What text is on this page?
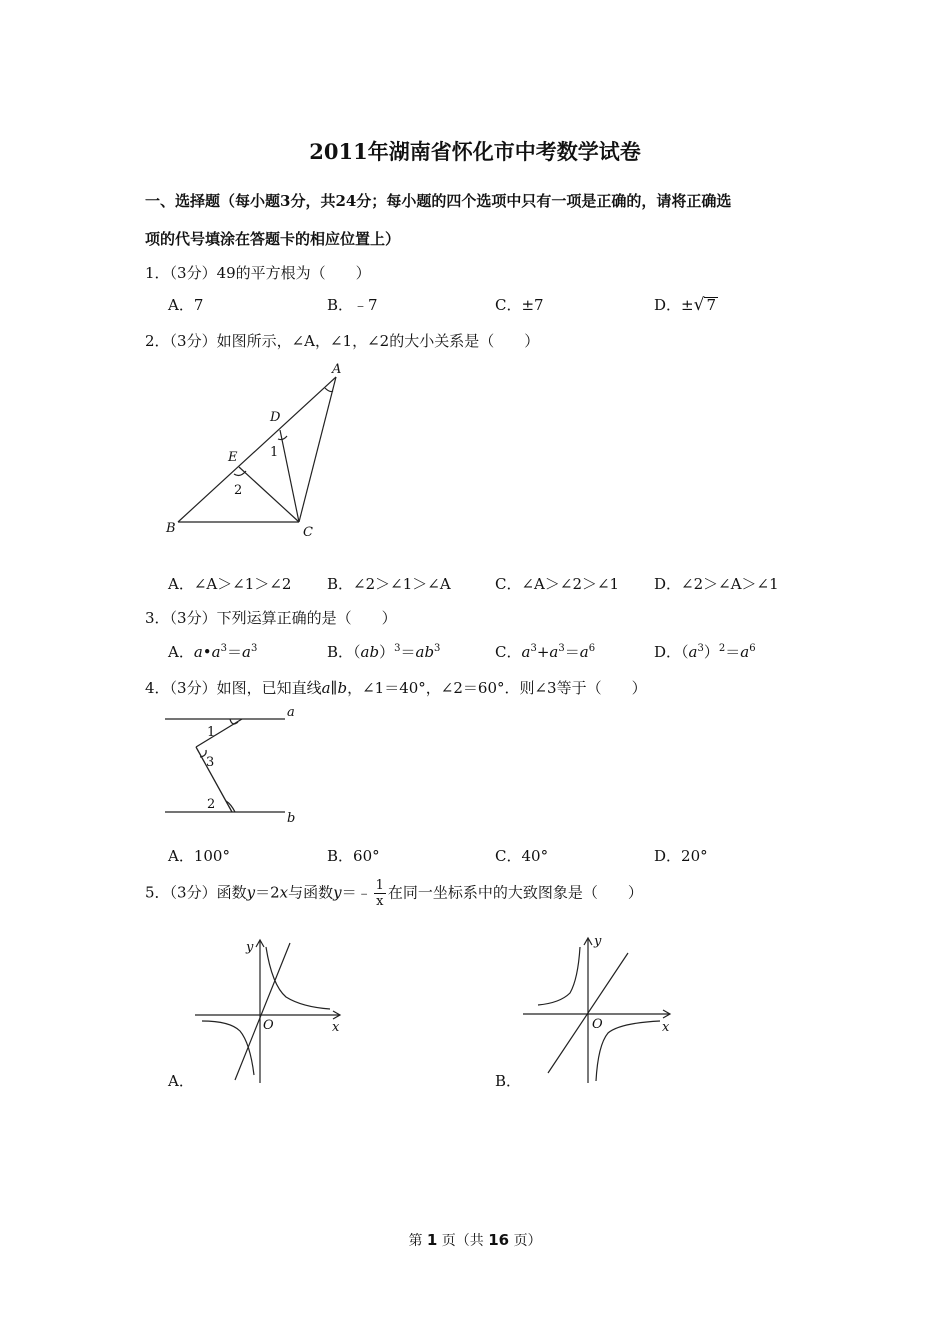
2011年湖南省怀化市中考数学试卷
一、选择题（每小题3分，共24分；每小题的四个选项中只有一项是正确的，请将正确选
项的代号填涂在答题卡的相应位置上）
1．（3分）49的平方根为（　　）
A．7	B．﹣7	C．±7	D．±√ 7
2．（3分）如图所示，∠A，∠1，∠2的大小关系是（　　）
A
B	C
D
E	1
2
A．∠A＞∠1＞∠2 B．∠2＞∠1＞∠A	C．∠A＞∠2＞∠1 D．∠2＞∠A＞∠1
3．（3分）下列运算正确的是（　　）
A．$a•a^3=a^3$	B．$(ab)^3=ab^3$	C．$a^3+a^3=a^6$	D．$(a^3)^2=a^6$
4．（3分）如图，已知直线a∥b，∠1＝40°，∠2＝60°．则∠3等于（　　）
a
b
1
3
2
A．100°	B．60°	C．40°	D．20°
5．（3分）函数y＝2x与函数y＝﹣ $\frac{1}{x}$ 在同一坐标系中的大致图象是（　　）
y
x
O
A．
y
x
O
B．
第 1 页（共 16 页）
